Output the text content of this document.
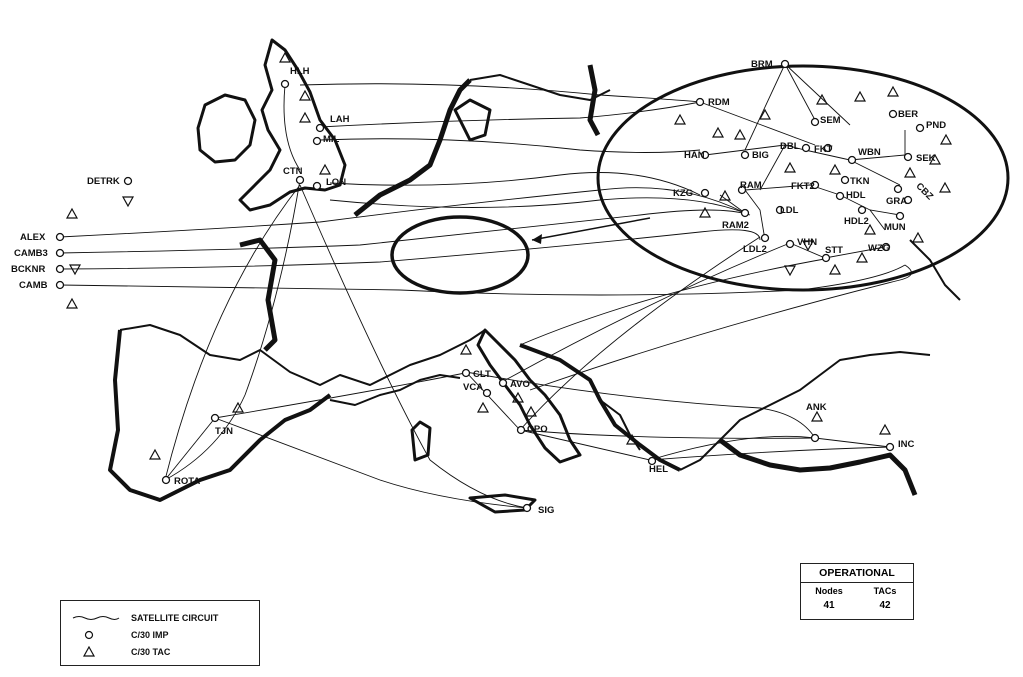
HLH
LAH
MIL
CTN
LON
DETRK
ALEX
CAMB3
BCKNR
CAMB
BRM
RDM
SEM
BER
PND
HAN	BIG
DBL FKT	WBN
SEK
KZG
RAM	FKT2	TKN
HDL
GRA CBZ
RAM2
LDL
HDL2
MUN
LDL2
VHN
STT	WZG
CLT
VCA	AVO
CPO
TJN
ROTA
SIG
HEL
ANK
INC
SATELLITE CIRCUIT
C/30 IMP
C/30 TAC
OPERATIONAL
Nodes	TACs
41	42
